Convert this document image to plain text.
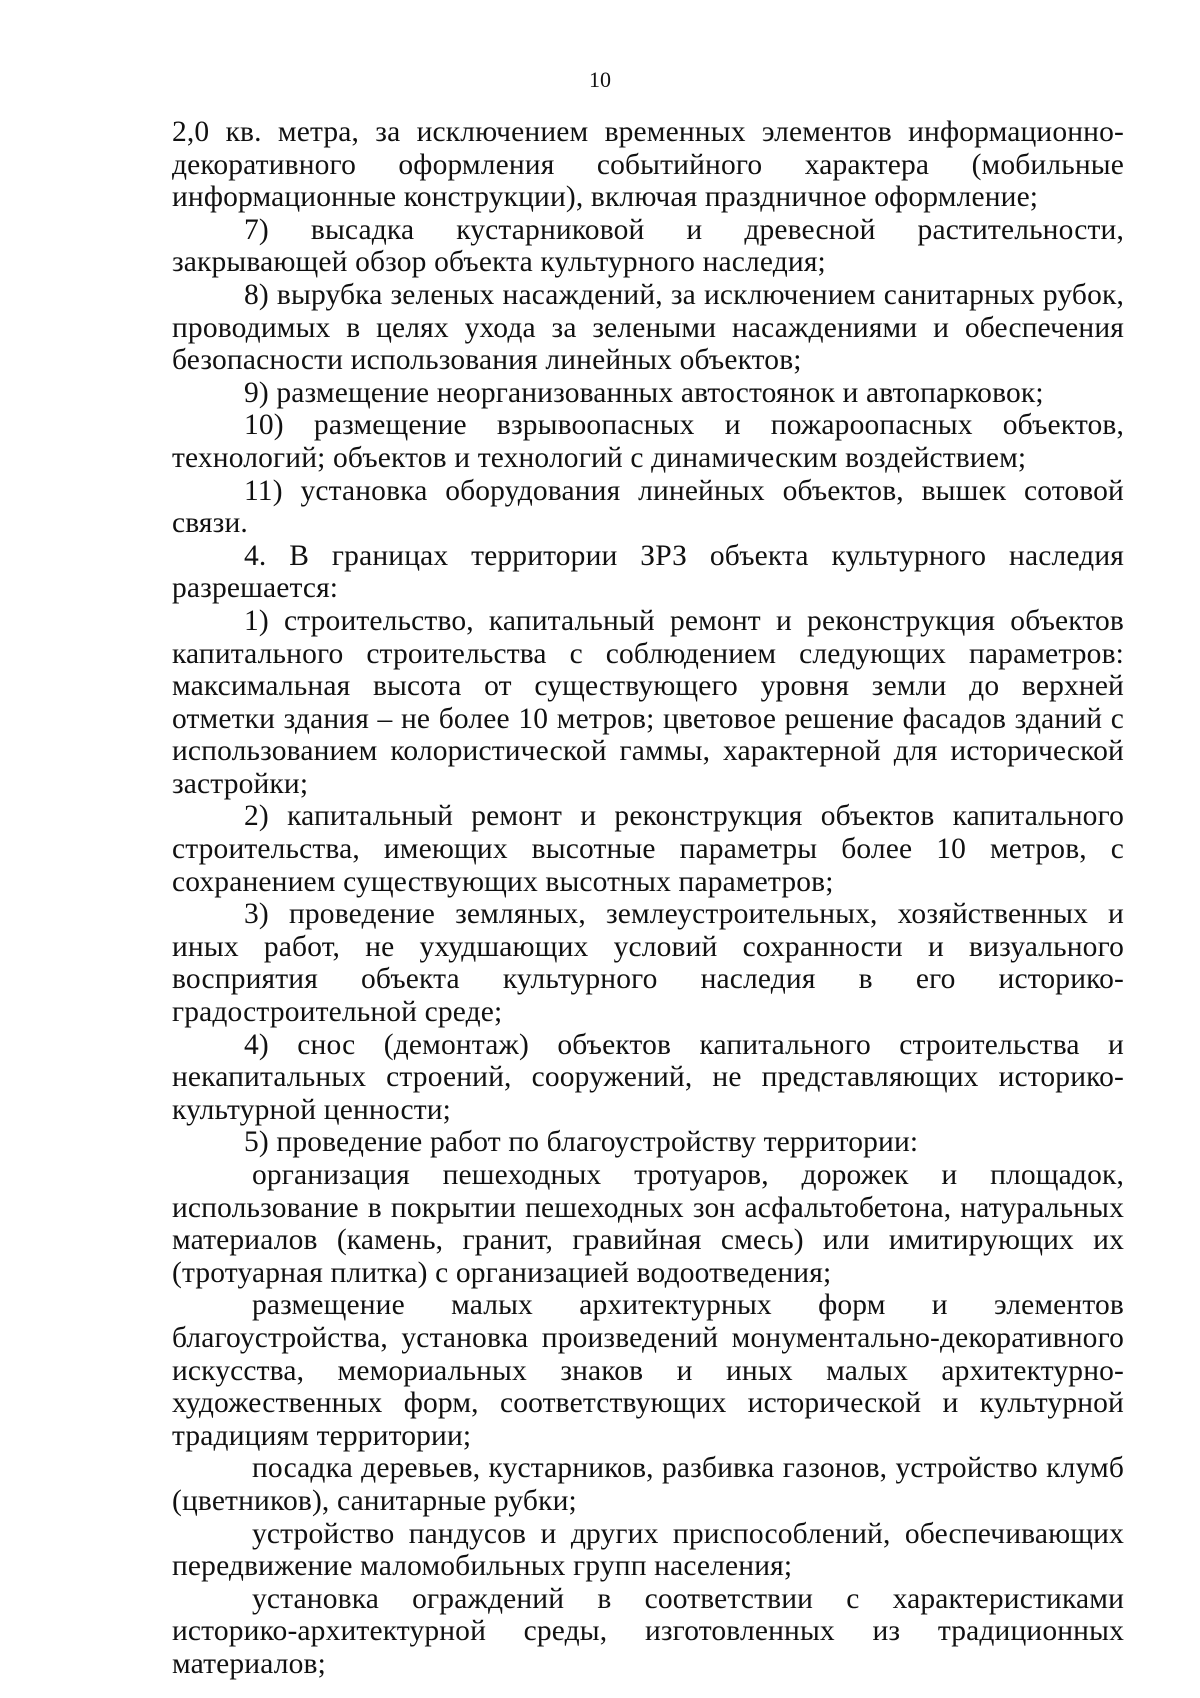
10

2,0 кв. метра, за исключением временных элементов информационно-декоративного оформления событийного характера (мобильные информационные конструкции), включая праздничное оформление;

7) высадка кустарниковой и древесной растительности, закрывающей обзор объекта культурного наследия;

8) вырубка зеленых насаждений, за исключением санитарных рубок, проводимых в целях ухода за зелеными насаждениями и обеспечения безопасности использования линейных объектов;

9) размещение неорганизованных автостоянок и автопарковок;

10) размещение взрывоопасных и пожароопасных объектов, технологий; объектов и технологий с динамическим воздействием;

11) установка оборудования линейных объектов, вышек сотовой связи.

4. В границах территории ЗРЗ объекта культурного наследия разрешается:

1) строительство, капитальный ремонт и реконструкция объектов капитального строительства с соблюдением следующих параметров: максимальная высота от существующего уровня земли до верхней отметки здания – не более 10 метров; цветовое решение фасадов зданий с использованием колористической гаммы, характерной для исторической застройки;

2) капитальный ремонт и реконструкция объектов капитального строительства, имеющих высотные параметры более 10 метров, с сохранением существующих высотных параметров;

3) проведение земляных, землеустроительных, хозяйственных и иных работ, не ухудшающих условий сохранности и визуального восприятия объекта культурного наследия в его историко-градостроительной среде;

4) снос (демонтаж) объектов капитального строительства и некапитальных строений, сооружений, не представляющих историко-культурной ценности;

5) проведение работ по благоустройству территории:

организация пешеходных тротуаров, дорожек и площадок, использование в покрытии пешеходных зон асфальтобетона, натуральных материалов (камень, гранит, гравийная смесь) или имитирующих их (тротуарная плитка) с организацией водоотведения;

размещение малых архитектурных форм и элементов благоустройства, установка произведений монументально-декоративного искусства, мемориальных знаков и иных малых архитектурно-художественных форм, соответствующих исторической и культурной традициям территории;

посадка деревьев, кустарников, разбивка газонов, устройство клумб (цветников), санитарные рубки;

устройство пандусов и других приспособлений, обеспечивающих передвижение маломобильных групп населения;

установка ограждений в соответствии с характеристиками историко-архитектурной среды, изготовленных из традиционных материалов;
